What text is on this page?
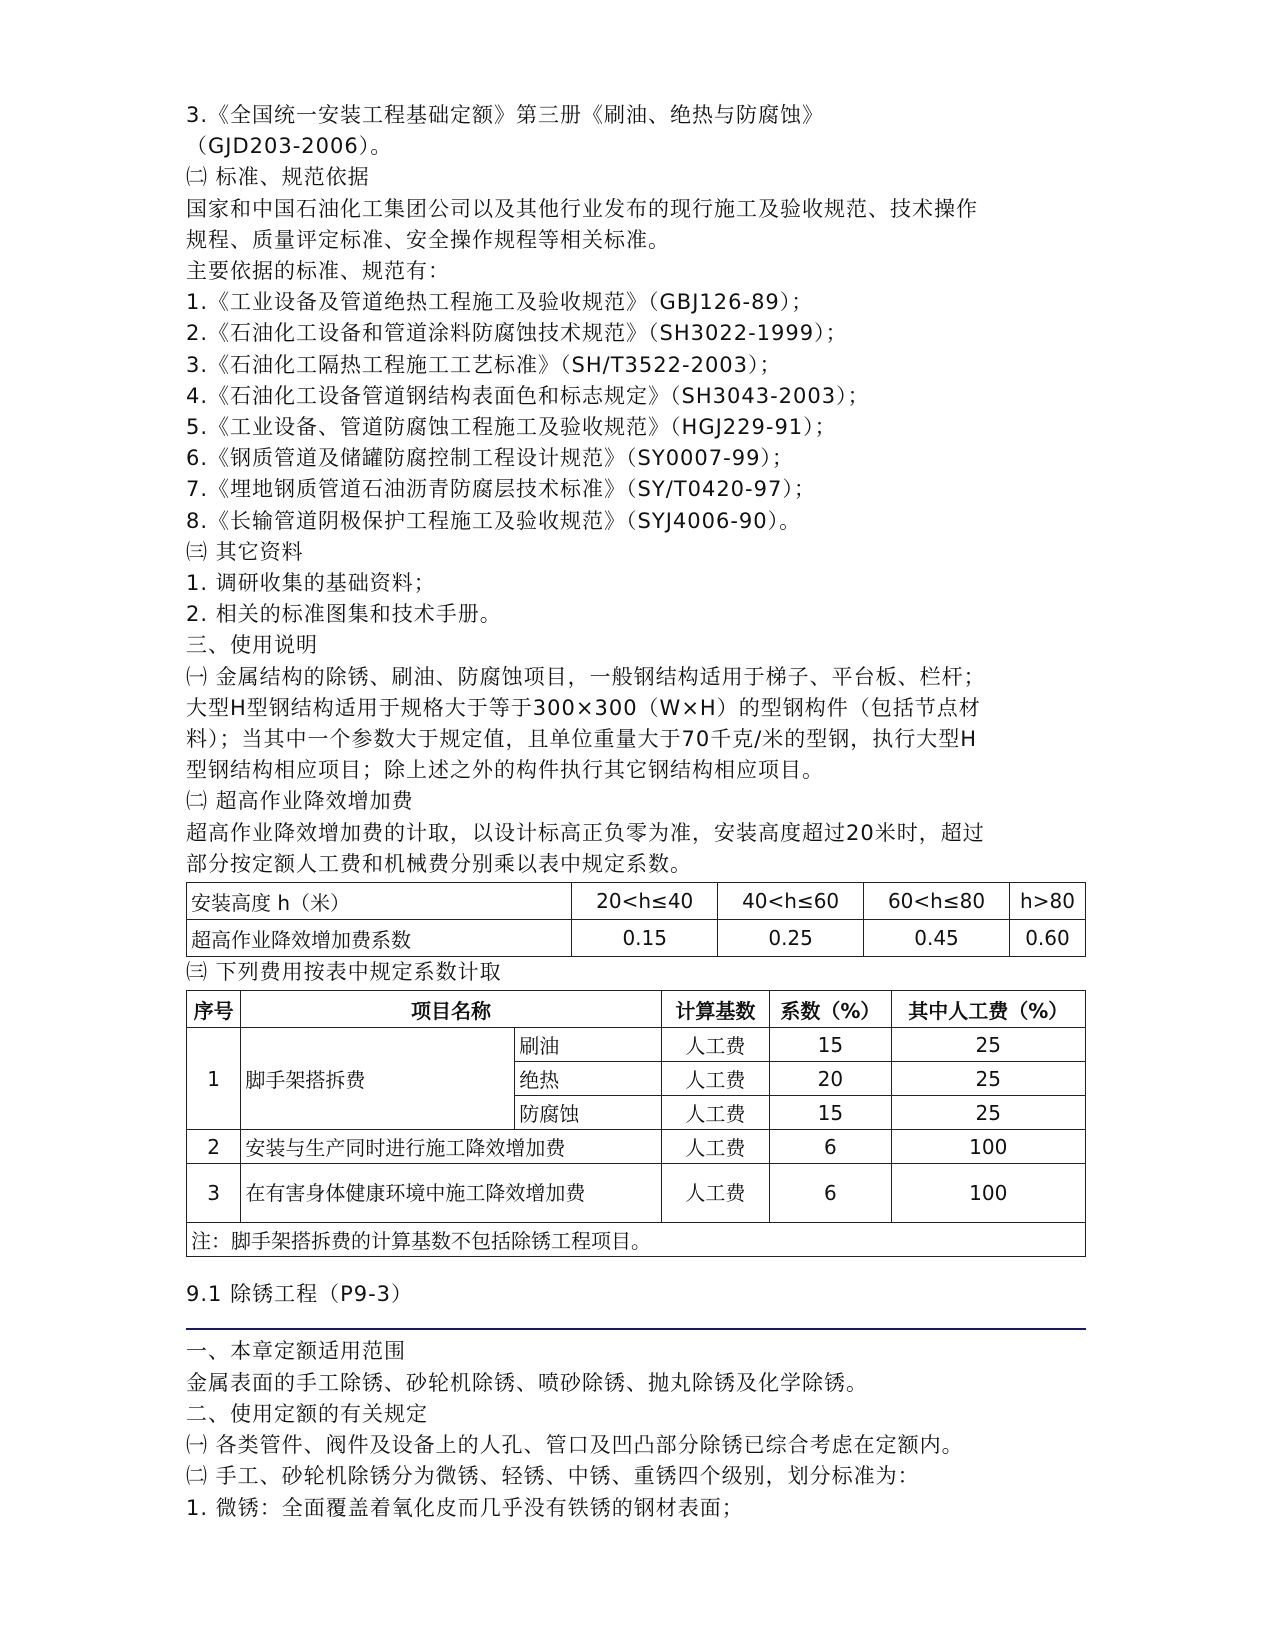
3.《全国统一安装工程基础定额》第三册《刷油、绝热与防腐蚀》
（GJD203-2006）。
㈡ 标准、规范依据
国家和中国石油化工集团公司以及其他行业发布的现行施工及验收规范、技术操作
规程、质量评定标准、安全操作规程等相关标准。
主要依据的标准、规范有：
1.《工业设备及管道绝热工程施工及验收规范》（GBJ126-89）；
2.《石油化工设备和管道涂料防腐蚀技术规范》（SH3022-1999）；
3.《石油化工隔热工程施工工艺标准》（SH/T3522-2003）；
4.《石油化工设备管道钢结构表面色和标志规定》（SH3043-2003）；
5.《工业设备、管道防腐蚀工程施工及验收规范》（HGJ229-91）；
6.《钢质管道及储罐防腐控制工程设计规范》（SY0007-99）；
7.《埋地钢质管道石油沥青防腐层技术标准》（SY/T0420-97）；
8.《长输管道阴极保护工程施工及验收规范》（SYJ4006-90）。
㈢ 其它资料
1. 调研收集的基础资料；
2. 相关的标准图集和技术手册。
三、使用说明
㈠ 金属结构的除锈、刷油、防腐蚀项目，一般钢结构适用于梯子、平台板、栏杆；
大型H型钢结构适用于规格大于等于300×300（W×H）的型钢构件（包括节点材
料）；当其中一个参数大于规定值，且单位重量大于70千克/米的型钢，执行大型H
型钢结构相应项目；除上述之外的构件执行其它钢结构相应项目。
㈡ 超高作业降效增加费
超高作业降效增加费的计取，以设计标高正负零为准，安装高度超过20米时，超过
部分按定额人工费和机械费分别乘以表中规定系数。
安装高度 h（米）	20<h≤40	40<h≤60	60<h≤80	h>80
超高作业降效增加费系数	0.15	0.25	0.45	0.60
㈢ 下列费用按表中规定系数计取
序号	项目名称		计算基数	系数（%）	其中人工费（%）
1	脚手架搭拆费	刷油	人工费	15	25
		绝热	人工费	20	25
		防腐蚀	人工费	15	25
2	安装与生产同时进行施工降效增加费		人工费	6	100
3	在有害身体健康环境中施工降效增加费		人工费	6	100
注：脚手架搭拆费的计算基数不包括除锈工程项目。					
9.1 除锈工程（P9-3）
一、本章定额适用范围
金属表面的手工除锈、砂轮机除锈、喷砂除锈、抛丸除锈及化学除锈。
二、使用定额的有关规定
㈠ 各类管件、阀件及设备上的人孔、管口及凹凸部分除锈已综合考虑在定额内。
㈡ 手工、砂轮机除锈分为微锈、轻锈、中锈、重锈四个级别，划分标准为：
1. 微锈：全面覆盖着氧化皮而几乎没有铁锈的钢材表面；
